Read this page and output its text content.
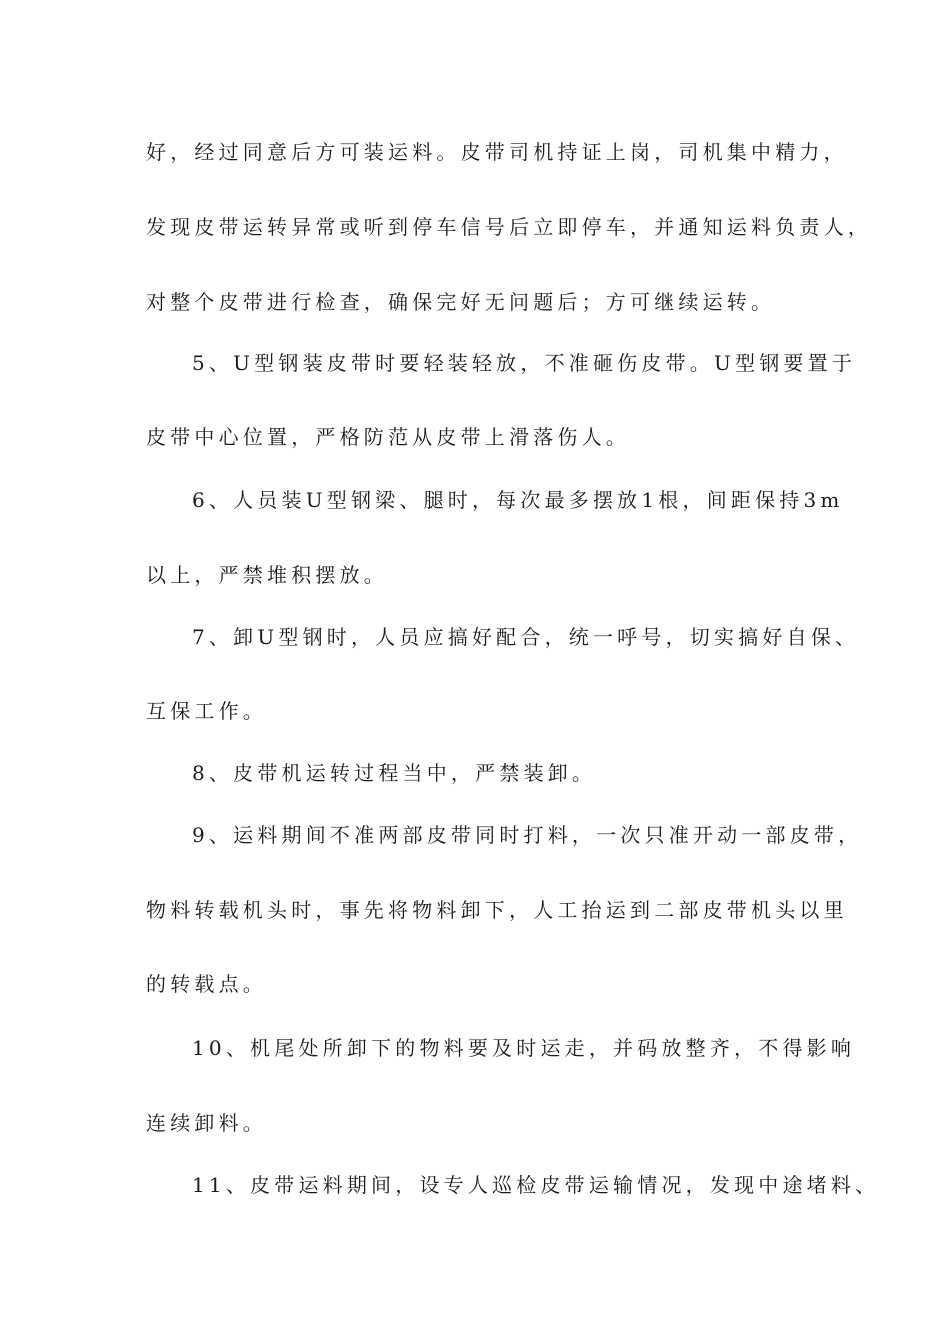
好，经过同意后方可装运料。皮带司机持证上岗，司机集中精力，
发现皮带运转异常或听到停车信号后立即停车，并通知运料负责人，
对整个皮带进行检查，确保完好无问题后；方可继续运转。
5、U型钢装皮带时要轻装轻放，不准砸伤皮带。U型钢要置于
皮带中心位置，严格防范从皮带上滑落伤人。
6、人员装U型钢梁、腿时，每次最多摆放1根，间距保持3m
以上，严禁堆积摆放。
7、卸U型钢时，人员应搞好配合，统一呼号，切实搞好自保、
互保工作。
8、皮带机运转过程当中，严禁装卸。
9、运料期间不准两部皮带同时打料，一次只准开动一部皮带，
物料转载机头时，事先将物料卸下，人工抬运到二部皮带机头以里
的转载点。
10、机尾处所卸下的物料要及时运走，并码放整齐，不得影响
连续卸料。
11、皮带运料期间，设专人巡检皮带运输情况，发现中途堵料、
